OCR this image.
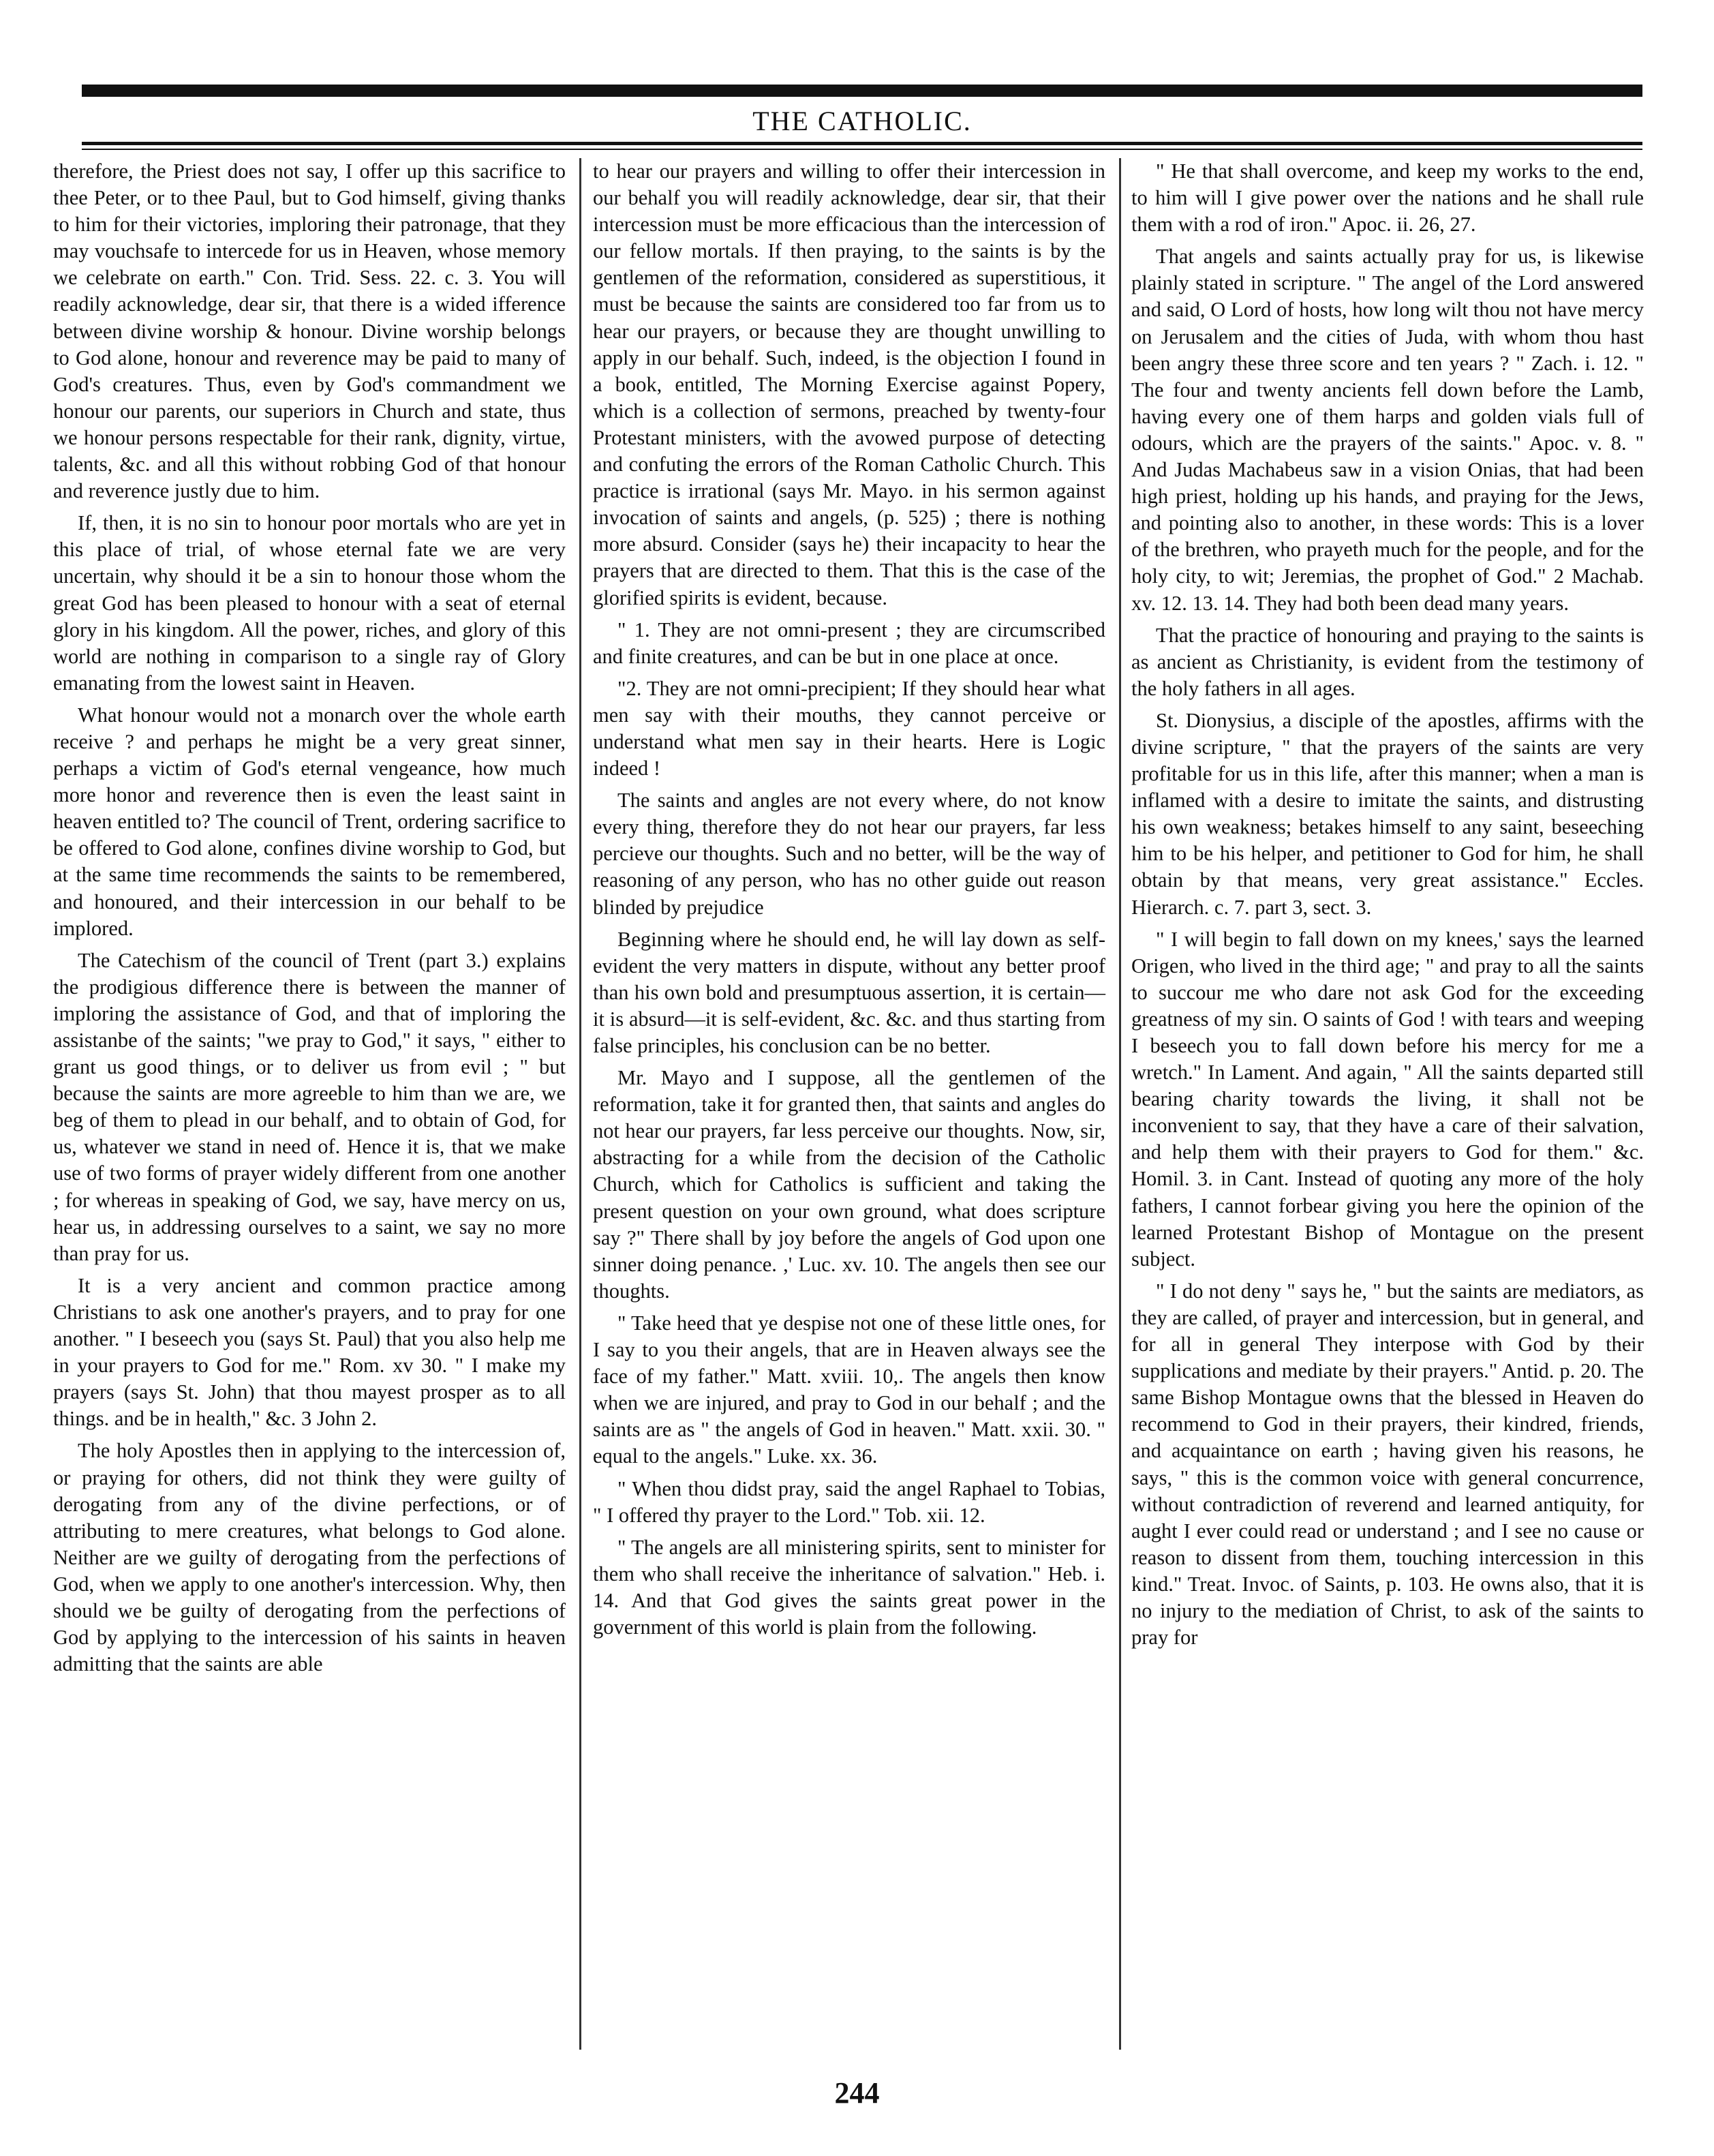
THE CATHOLIC.

therefore, the Priest does not say, I offer up this sacrifice to thee Peter, or to thee Paul, but to God himself, giving thanks to him for their victories, imploring their patronage, that they may vouchsafe to intercede for us in Heaven, whose memory we celebrate on earth." Con. Trid. Sess. 22. c. 3. You will readily acknowledge, dear sir, that there is a wided ifference between divine worship & honour. Divine worship belongs to God alone, honour and reverence may be paid to many of God's creatures. Thus, even by God's commandment we honour our parents, our superiors in Church and state, thus we honour persons respectable for their rank, dignity, virtue, talents, &c. and all this without robbing God of that honour and reverence justly due to him.

If, then, it is no sin to honour poor mortals who are yet in this place of trial, of whose eternal fate we are very uncertain, why should it be a sin to honour those whom the great God has been pleased to honour with a seat of eternal glory in his kingdom. All the power, riches, and glory of this world are nothing in comparison to a single ray of Glory emanating from the lowest saint in Heaven.

What honour would not a monarch over the whole earth receive ? and perhaps he might be a very great sinner, perhaps a victim of God's eternal vengeance, how much more honor and reverence then is even the least saint in heaven entitled to? The council of Trent, ordering sacrifice to be offered to God alone, confines divine worship to God, but at the same time recommends the saints to be remembered, and honoured, and their intercession in our behalf to be implored.

The Catechism of the council of Trent (part 3.) explains the prodigious difference there is between the manner of imploring the assistance of God, and that of imploring the assistanbe of the saints; "we pray to God," it says, " either to grant us good things, or to deliver us from evil ; " but because the saints are more agreeble to him than we are, we beg of them to plead in our behalf, and to obtain of God, for us, whatever we stand in need of. Hence it is, that we make use of two forms of prayer widely different from one another ; for whereas in speaking of God, we say, have mercy on us, hear us, in addressing ourselves to a saint, we say no more than pray for us.

It is a very ancient and common practice among Christians to ask one another's prayers, and to pray for one another. " I beseech you (says St. Paul) that you also help me in your prayers to God for me." Rom. xv 30. " I make my prayers (says St. John) that thou mayest prosper as to all things. and be in health," &c. 3 John 2.

The holy Apostles then in applying to the intercession of, or praying for others, did not think they were guilty of derogating from any of the divine perfections, or of attributing to mere creatures, what belongs to God alone. Neither are we guilty of derogating from the perfections of God, when we apply to one another's intercession. Why, then should we be guilty of derogating from the perfections of God by applying to the intercession of his saints in heaven admitting that the saints are able

to hear our prayers and willing to offer their intercession in our behalf you will readily acknowledge, dear sir, that their intercession must be more efficacious than the intercession of our fellow mortals. If then praying, to the saints is by the gentlemen of the reformation, considered as superstitious, it must be because the saints are considered too far from us to hear our prayers, or because they are thought unwilling to apply in our behalf. Such, indeed, is the objection I found in a book, entitled, The Morning Exercise against Popery, which is a collection of sermons, preached by twenty-four Protestant ministers, with the avowed purpose of detecting and confuting the errors of the Roman Catholic Church. This practice is irrational (says Mr. Mayo. in his sermon against invocation of saints and angels, (p. 525) ; there is nothing more absurd. Consider (says he) their incapacity to hear the prayers that are directed to them. That this is the case of the glorified spirits is evident, because.

" 1. They are not omni-present ; they are circumscribed and finite creatures, and can be but in one place at once.

"2. They are not omni-precipient; If they should hear what men say with their mouths, they cannot perceive or understand what men say in their hearts. Here is Logic indeed !

The saints and angles are not every where, do not know every thing, therefore they do not hear our prayers, far less percieve our thoughts. Such and no better, will be the way of reasoning of any person, who has no other guide out reason blinded by prejudice

Beginning where he should end, he will lay down as self-evident the very matters in dispute, without any better proof than his own bold and presumptuous assertion, it is certain—it is absurd—it is self-evident, &c. &c. and thus starting from false principles, his conclusion can be no better.

Mr. Mayo and I suppose, all the gentlemen of the reformation, take it for granted then, that saints and angles do not hear our prayers, far less perceive our thoughts. Now, sir, abstracting for a while from the decision of the Catholic Church, which for Catholics is sufficient and taking the present question on your own ground, what does scripture say ?" There shall by joy before the angels of God upon one sinner doing penance. ,' Luc. xv. 10. The angels then see our thoughts.

" Take heed that ye despise not one of these little ones, for I say to you their angels, that are in Heaven always see the face of my father." Matt. xviii. 10,. The angels then know when we are injured, and pray to God in our behalf ; and the saints are as " the angels of God in heaven." Matt. xxii. 30. " equal to the angels." Luke. xx. 36.

" When thou didst pray, said the angel Raphael to Tobias, " I offered thy prayer to the Lord." Tob. xii. 12.

" The angels are all ministering spirits, sent to minister for them who shall receive the inheritance of salvation." Heb. i. 14. And that God gives the saints great power in the government of this world is plain from the following.

" He that shall overcome, and keep my works to the end, to him will I give power over the nations and he shall rule them with a rod of iron." Apoc. ii. 26, 27.

That angels and saints actually pray for us, is likewise plainly stated in scripture. " The angel of the Lord answered and said, O Lord of hosts, how long wilt thou not have mercy on Jerusalem and the cities of Juda, with whom thou hast been angry these three score and ten years ? " Zach. i. 12. " The four and twenty ancients fell down before the Lamb, having every one of them harps and golden vials full of odours, which are the prayers of the saints." Apoc. v. 8. " And Judas Machabeus saw in a vision Onias, that had been high priest, holding up his hands, and praying for the Jews, and pointing also to another, in these words: This is a lover of the brethren, who prayeth much for the people, and for the holy city, to wit; Jeremias, the prophet of God." 2 Machab. xv. 12. 13. 14. They had both been dead many years.

That the practice of honouring and praying to the saints is as ancient as Christianity, is evident from the testimony of the holy fathers in all ages.

St. Dionysius, a disciple of the apostles, affirms with the divine scripture, " that the prayers of the saints are very profitable for us in this life, after this manner; when a man is inflamed with a desire to imitate the saints, and distrusting his own weakness; betakes himself to any saint, beseeching him to be his helper, and petitioner to God for him, he shall obtain by that means, very great assistance." Eccles. Hierarch. c. 7. part 3, sect. 3.

" I will begin to fall down on my knees,' says the learned Origen, who lived in the third age; " and pray to all the saints to succour me who dare not ask God for the exceeding greatness of my sin. O saints of God ! with tears and weeping I beseech you to fall down before his mercy for me a wretch." In Lament. And again, " All the saints departed still bearing charity towards the living, it shall not be inconvenient to say, that they have a care of their salvation, and help them with their prayers to God for them." &c. Homil. 3. in Cant. Instead of quoting any more of the holy fathers, I cannot forbear giving you here the opinion of the learned Protestant Bishop of Montague on the present subject.

" I do not deny " says he, " but the saints are mediators, as they are called, of prayer and intercession, but in general, and for all in general They interpose with God by their supplications and mediate by their prayers." Antid. p. 20. The same Bishop Montague owns that the blessed in Heaven do recommend to God in their prayers, their kindred, friends, and acquaintance on earth ; having given his reasons, he says, " this is the common voice with general concurrence, without contradiction of reverend and learned antiquity, for aught I ever could read or understand ; and I see no cause or reason to dissent from them, touching intercession in this kind." Treat. Invoc. of Saints, p. 103. He owns also, that it is no injury to the mediation of Christ, to ask of the saints to pray for

244
